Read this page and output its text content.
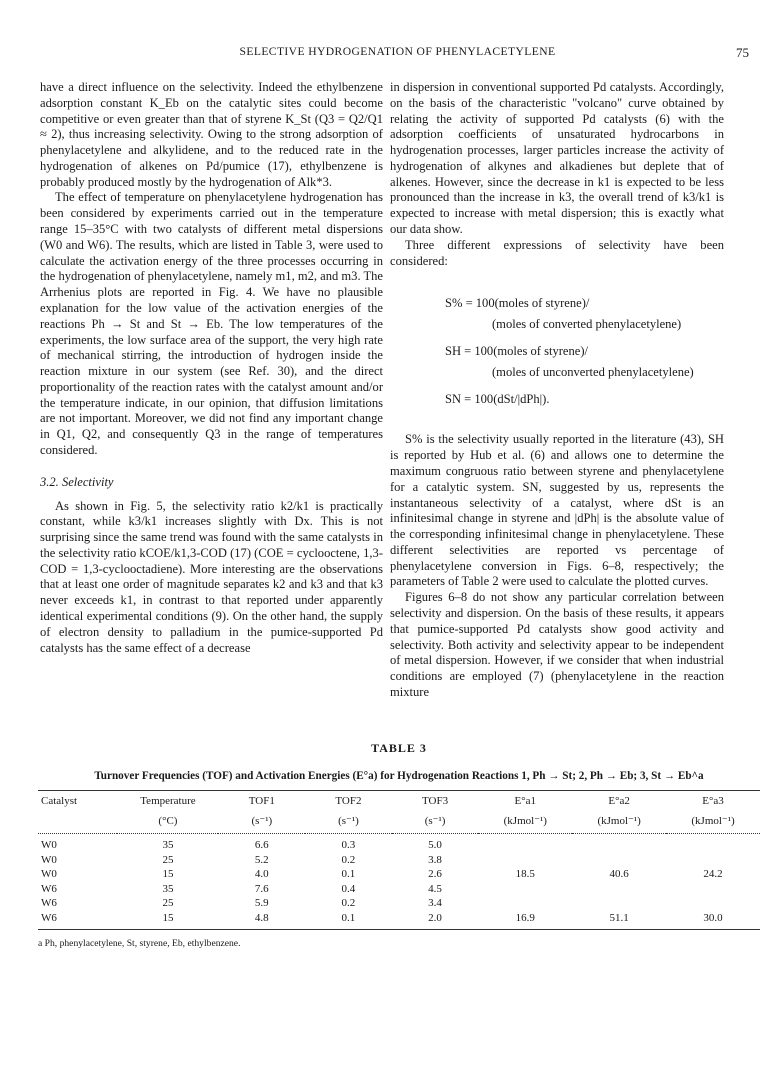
SELECTIVE HYDROGENATION OF PHENYLACETYLENE	75

have a direct influence on the selectivity. Indeed the ethylbenzene adsorption constant K_Eb on the catalytic sites could become competitive or even greater than that of styrene K_St (Q3 = Q2/Q1 ≈ 2), thus increasing selectivity. Owing to the strong adsorption of phenylacetylene and alkylidene, and to the reduced rate in the hydrogenation of alkenes on Pd/pumice (17), ethylbenzene is probably produced mostly by the hydrogenation of Alk*3.

The effect of temperature on phenylacetylene hydrogenation has been considered by experiments carried out in the temperature range 15–35°C with two catalysts of different metal dispersions (W0 and W6). The results, which are listed in Table 3, were used to calculate the activation energy of the three processes occurring in the hydrogenation of phenylacetylene, namely m1, m2, and m3. The Arrhenius plots are reported in Fig. 4. We have no plausible explanation for the low value of the activation energies of the reactions Ph → St and St → Eb. The low temperatures of the experiments, the low surface area of the support, the very high rate of mechanical stirring, the introduction of hydrogen inside the reaction mixture in our system (see Ref. 30), and the direct proportionality of the reaction rates with the catalyst amount and/or the temperature indicate, in our opinion, that diffusion limitations are not important. Moreover, we did not find any important change in Q1, Q2, and consequently Q3 in the range of temperatures considered.

3.2. Selectivity

As shown in Fig. 5, the selectivity ratio k2/k1 is practically constant, while k3/k1 increases slightly with Dx. This is not surprising since the same trend was found with the same catalysts in the selectivity ratio kCOE/k1,3-COD (17) (COE = cyclooctene, 1,3-COD = 1,3-cyclooctadiene). More interesting are the observations that at least one order of magnitude separates k2 and k3 and that k3 never exceeds k1, in contrast to that reported under apparently identical experimental conditions (9). On the other hand, the supply of electron density to palladium in the pumice-supported Pd catalysts has the same effect of a decrease

in dispersion in conventional supported Pd catalysts. Accordingly, on the basis of the characteristic "volcano" curve obtained by relating the activity of supported Pd catalysts (6) with the adsorption coefficients of unsaturated hydrocarbons in hydrogenation processes, larger particles increase the activity of hydrogenation of alkynes and alkadienes but deplete that of alkenes. However, since the decrease in k1 is expected to be less pronounced than the increase in k3, the overall trend of k3/k1 is expected to increase with metal dispersion; this is exactly what our data show.

Three different expressions of selectivity have been considered:

S% = 100(moles of styrene)/
(moles of converted phenylacetylene)
SH = 100(moles of styrene)/
(moles of unconverted phenylacetylene)
SN = 100(dSt/|dPh|).

S% is the selectivity usually reported in the literature (43), SH is reported by Hub et al. (6) and allows one to determine the maximum congruous ratio between styrene and phenylacetylene for a catalytic system. SN, suggested by us, represents the instantaneous selectivity of a catalyst, where dSt is an infinitesimal change in styrene and |dPh| is the absolute value of the corresponding infinitesimal change in phenylacetylene. These different selectivities are reported vs percentage of phenylacetylene conversion in Figs. 6–8, respectively; the parameters of Table 2 were used to calculate the plotted curves.

Figures 6–8 do not show any particular correlation between selectivity and dispersion. On the basis of these results, it appears that pumice-supported Pd catalysts show good activity and selectivity. Both activity and selectivity appear to be independent of metal dispersion. However, if we consider that when industrial conditions are employed (7) (phenylacetylene in the reaction mixture

TABLE 3
Turnover Frequencies (TOF) and Activation Energies (E°a) for Hydrogenation Reactions 1, Ph → St; 2, Ph → Eb; 3, St → Eb^a
Catalyst	Temperature	TOF1	TOF2	TOF3	E°a1	E°a2	E°a3
	(°C)	(s⁻¹)	(s⁻¹)	(s⁻¹)	(kJmol⁻¹)	(kJmol⁻¹)	(kJmol⁻¹)
W0	35	6.6	0.3	5.0			
W0	25	5.2	0.2	3.8			
W0	15	4.0	0.1	2.6	18.5	40.6	24.2
W6	35	7.6	0.4	4.5			
W6	25	5.9	0.2	3.4			
W6	15	4.8	0.1	2.0	16.9	51.1	30.0
a Ph, phenylacetylene, St, styrene, Eb, ethylbenzene.
